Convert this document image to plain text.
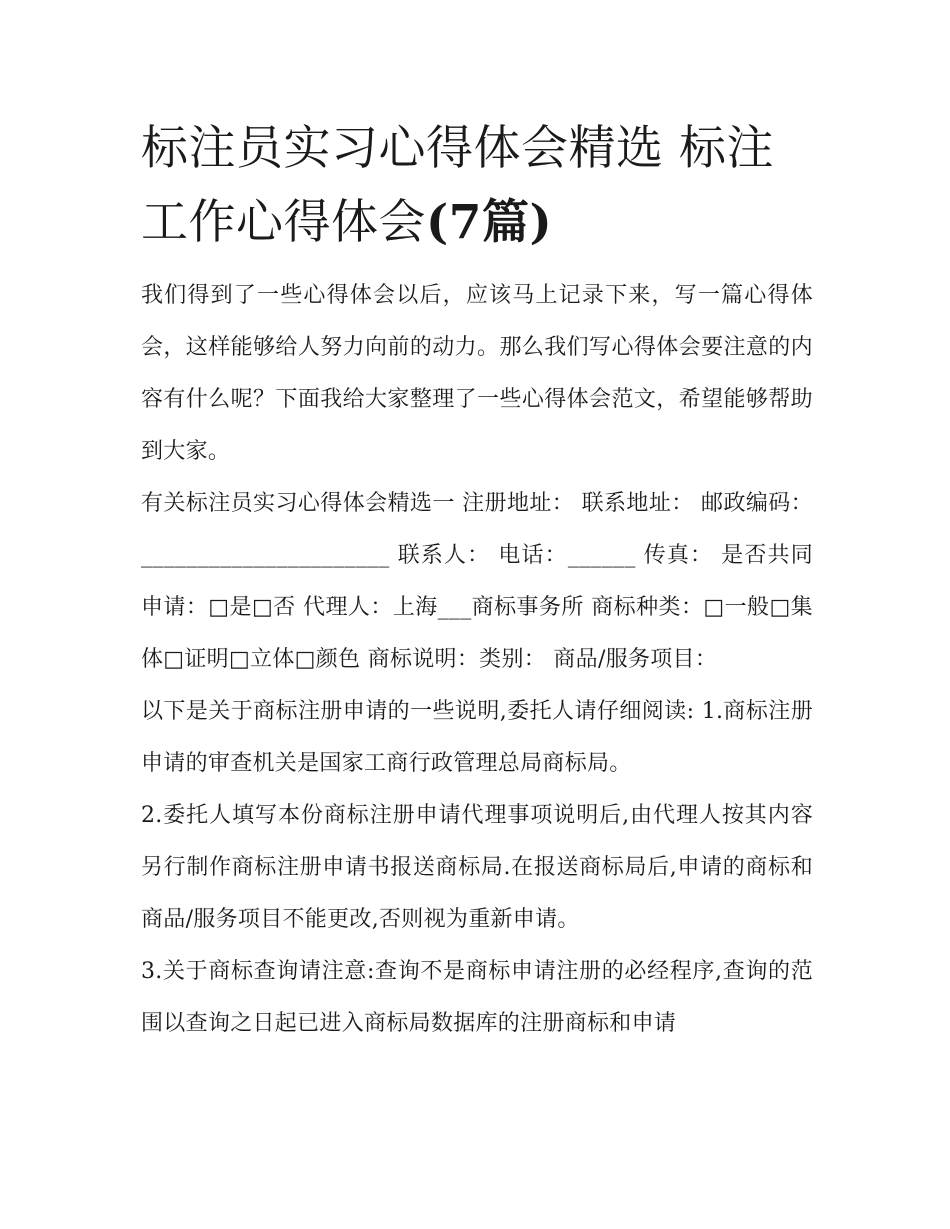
标注员实习心得体会精选 标注工作心得体会(7篇)

我们得到了一些心得体会以后，应该马上记录下来，写一篇心得体会，这样能够给人努力向前的动力。那么我们写心得体会要注意的内容有什么呢？下面我给大家整理了一些心得体会范文，希望能够帮助到大家。

有关标注员实习心得体会精选一 注册地址： 联系地址： 邮政编码：______________________ 联系人： 电话：______ 传真： 是否共同申请：□是□否 代理人：上海___商标事务所 商标种类：□一般□集体□证明□立体□颜色 商标说明：类别： 商品/服务项目：

以下是关于商标注册申请的一些说明,委托人请仔细阅读: 1.商标注册申请的审查机关是国家工商行政管理总局商标局。

2.委托人填写本份商标注册申请代理事项说明后,由代理人按其内容另行制作商标注册申请书报送商标局.在报送商标局后,申请的商标和商品/服务项目不能更改,否则视为重新申请。

3.关于商标查询请注意:查询不是商标申请注册的必经程序,查询的范围以查询之日起已进入商标局数据库的注册商标和申请
